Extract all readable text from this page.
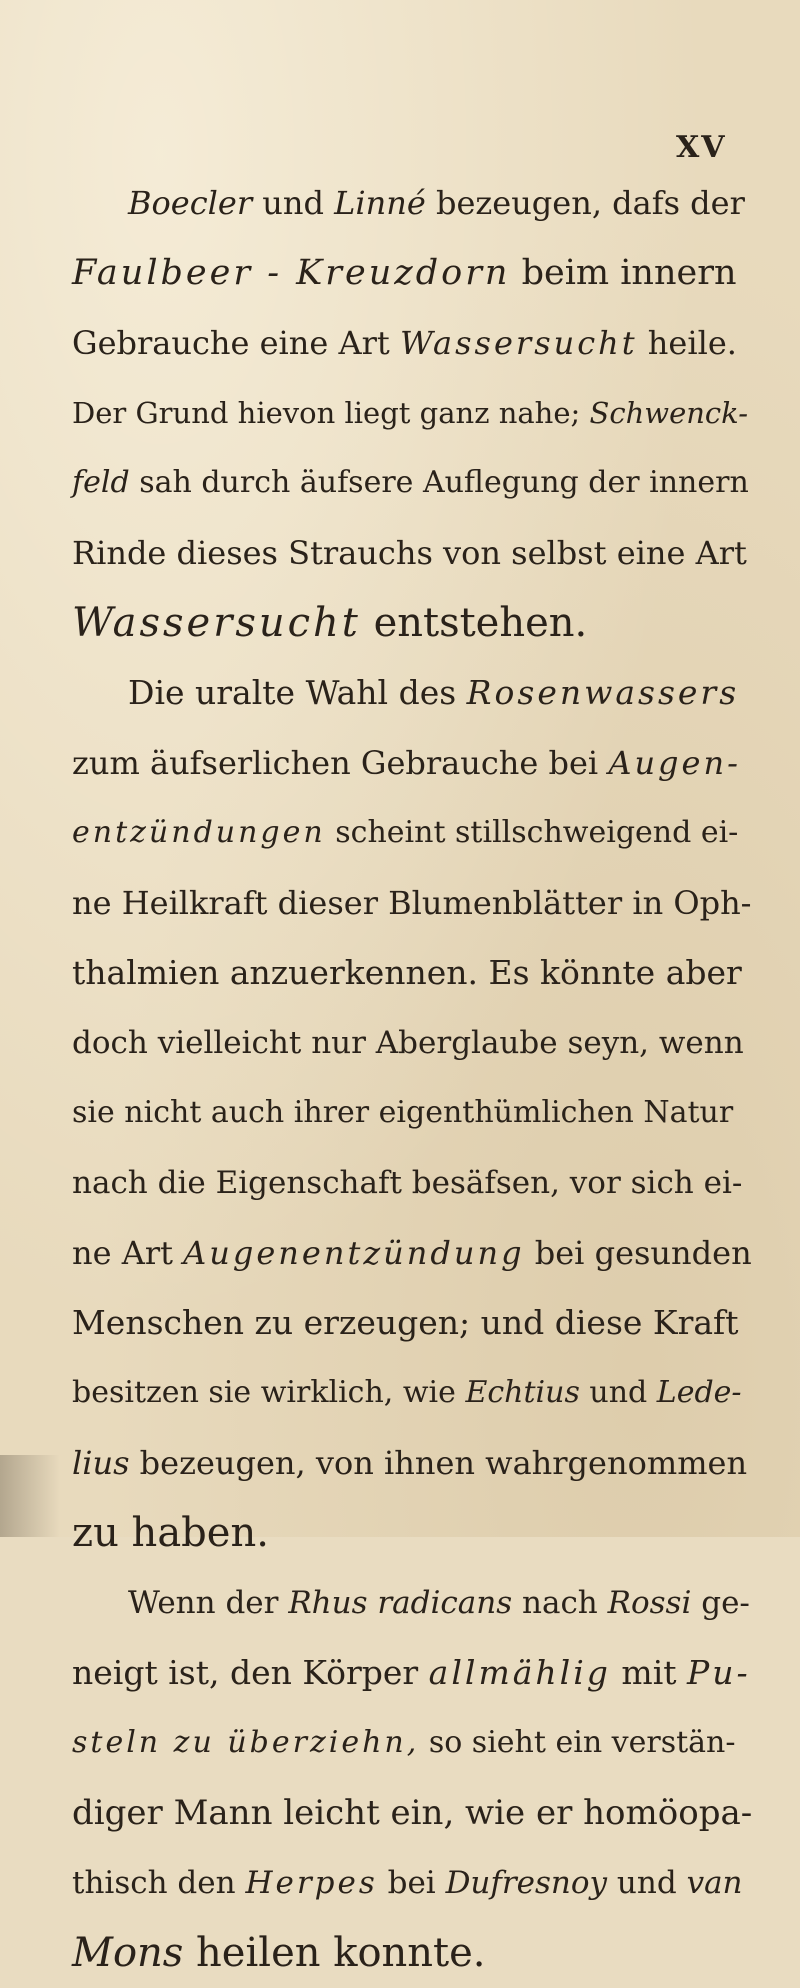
XV
Boecler und Linné bezeugen, dafs der
Faulbeer - Kreuzdorn beim innern
Gebrauche eine Art Wassersucht heile.
Der Grund hievon liegt ganz nahe; Schwenck-
feld sah durch äufsere Auflegung der innern
Rinde dieses Strauchs von selbst eine Art
Wassersucht entstehen.
Die uralte Wahl des Rosenwassers
zum äufserlichen Gebrauche bei Augen-
entzündungen scheint stillschweigend ei-
ne Heilkraft dieser Blumenblätter in Oph-
thalmien anzuerkennen. Es könnte aber
doch vielleicht nur Aberglaube seyn, wenn
sie nicht auch ihrer eigenthümlichen Natur
nach die Eigenschaft besäfsen, vor sich ei-
ne Art Augenentzündung bei gesunden
Menschen zu erzeugen; und diese Kraft
besitzen sie wirklich, wie Echtius und Lede-
lius bezeugen, von ihnen wahrgenommen
zu haben.
Wenn der Rhus radicans nach Rossi ge-
neigt ist, den Körper allmählig mit Pu-
steln zu überziehn, so sieht ein verstän-
diger Mann leicht ein, wie er homöopa-
thisch den Herpes bei Dufresnoy und van
Mons heilen konnte.
